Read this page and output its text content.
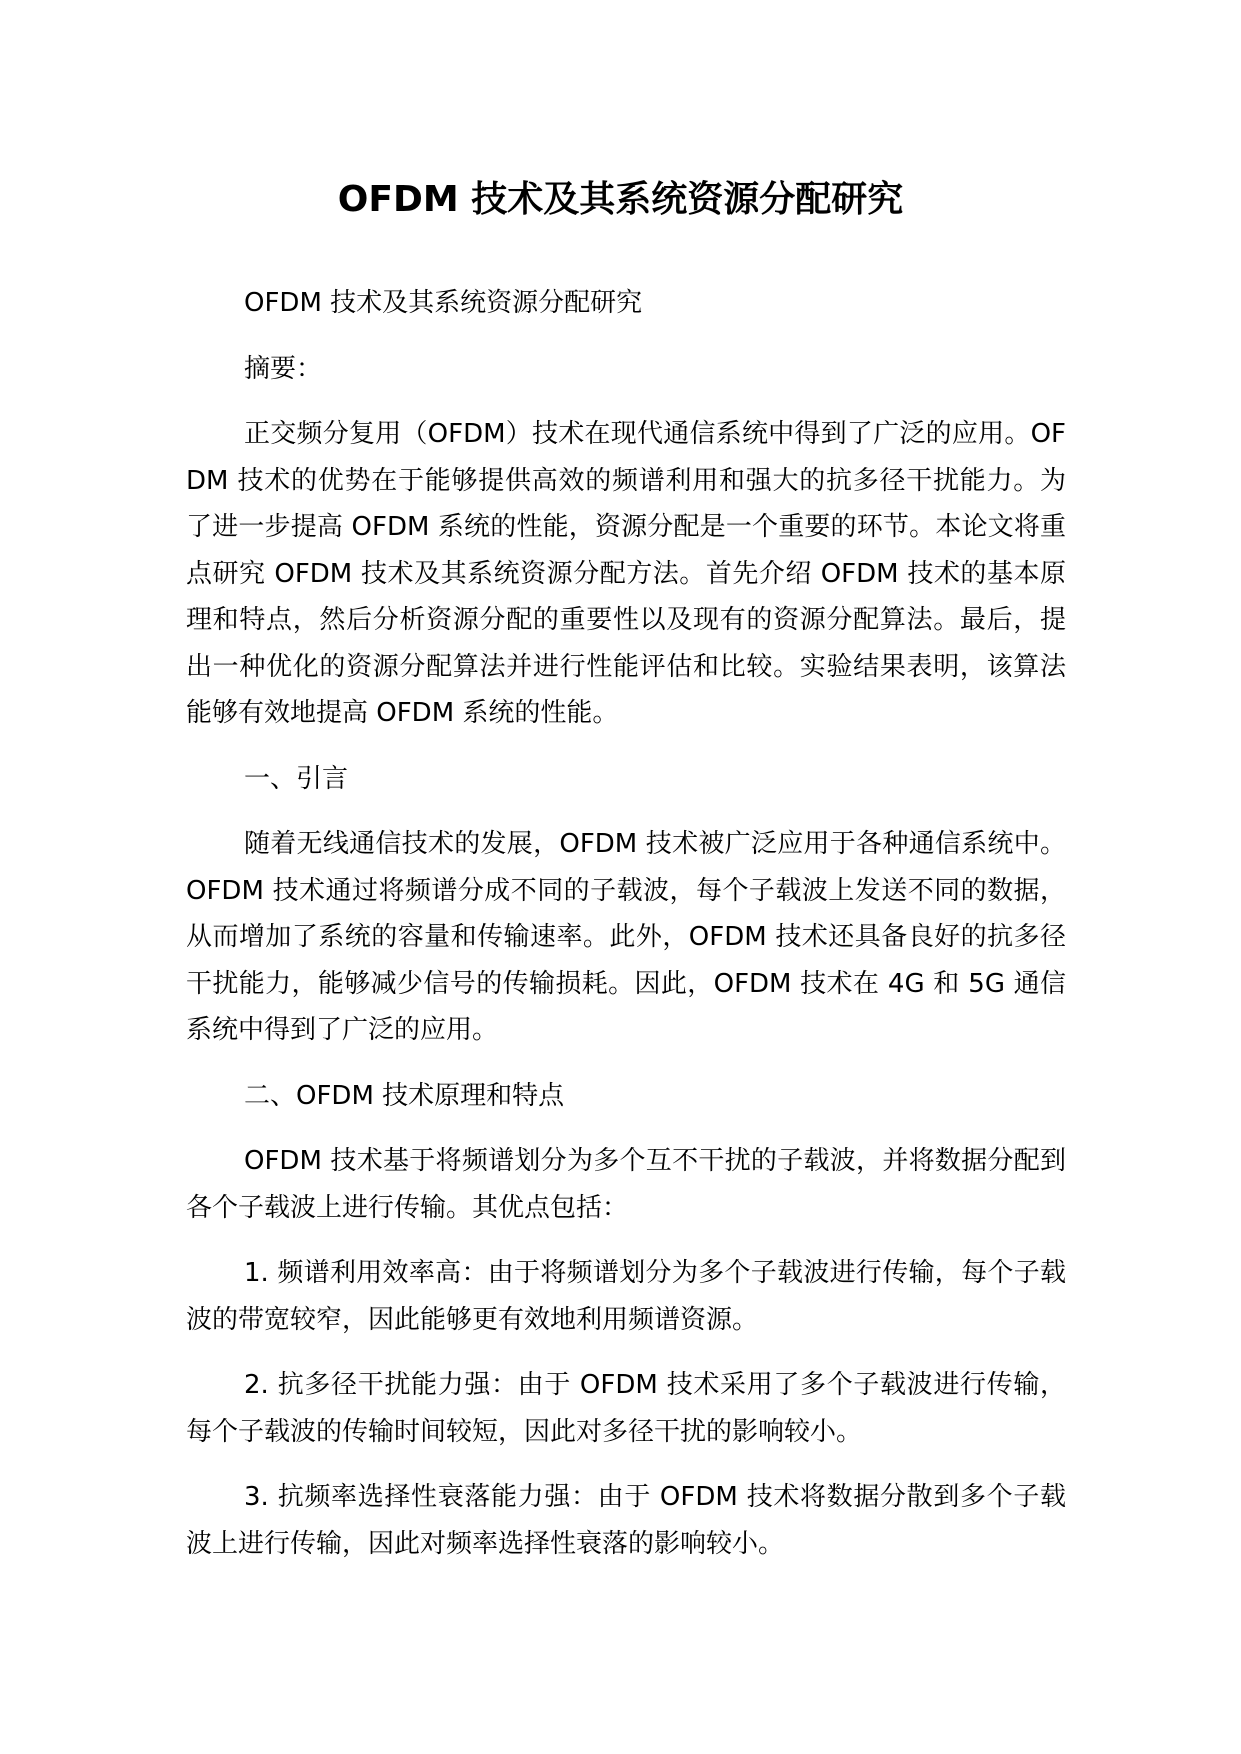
OFDM 技术及其系统资源分配研究

OFDM 技术及其系统资源分配研究

摘要：

正交频分复用（OFDM）技术在现代通信系统中得到了广泛的应用。OFDM 技术的优势在于能够提供高效的频谱利用和强大的抗多径干扰能力。为了进一步提高 OFDM 系统的性能，资源分配是一个重要的环节。本论文将重点研究 OFDM 技术及其系统资源分配方法。首先介绍 OFDM 技术的基本原理和特点，然后分析资源分配的重要性以及现有的资源分配算法。最后，提出一种优化的资源分配算法并进行性能评估和比较。实验结果表明，该算法能够有效地提高 OFDM 系统的性能。

一、引言

随着无线通信技术的发展，OFDM 技术被广泛应用于各种通信系统中。OFDM 技术通过将频谱分成不同的子载波，每个子载波上发送不同的数据，从而增加了系统的容量和传输速率。此外，OFDM 技术还具备良好的抗多径干扰能力，能够减少信号的传输损耗。因此，OFDM 技术在 4G 和 5G 通信系统中得到了广泛的应用。

二、OFDM 技术原理和特点

OFDM 技术基于将频谱划分为多个互不干扰的子载波，并将数据分配到各个子载波上进行传输。其优点包括：

1. 频谱利用效率高：由于将频谱划分为多个子载波进行传输，每个子载波的带宽较窄，因此能够更有效地利用频谱资源。

2. 抗多径干扰能力强：由于 OFDM 技术采用了多个子载波进行传输，每个子载波的传输时间较短，因此对多径干扰的影响较小。

3. 抗频率选择性衰落能力强：由于 OFDM 技术将数据分散到多个子载波上进行传输，因此对频率选择性衰落的影响较小。
